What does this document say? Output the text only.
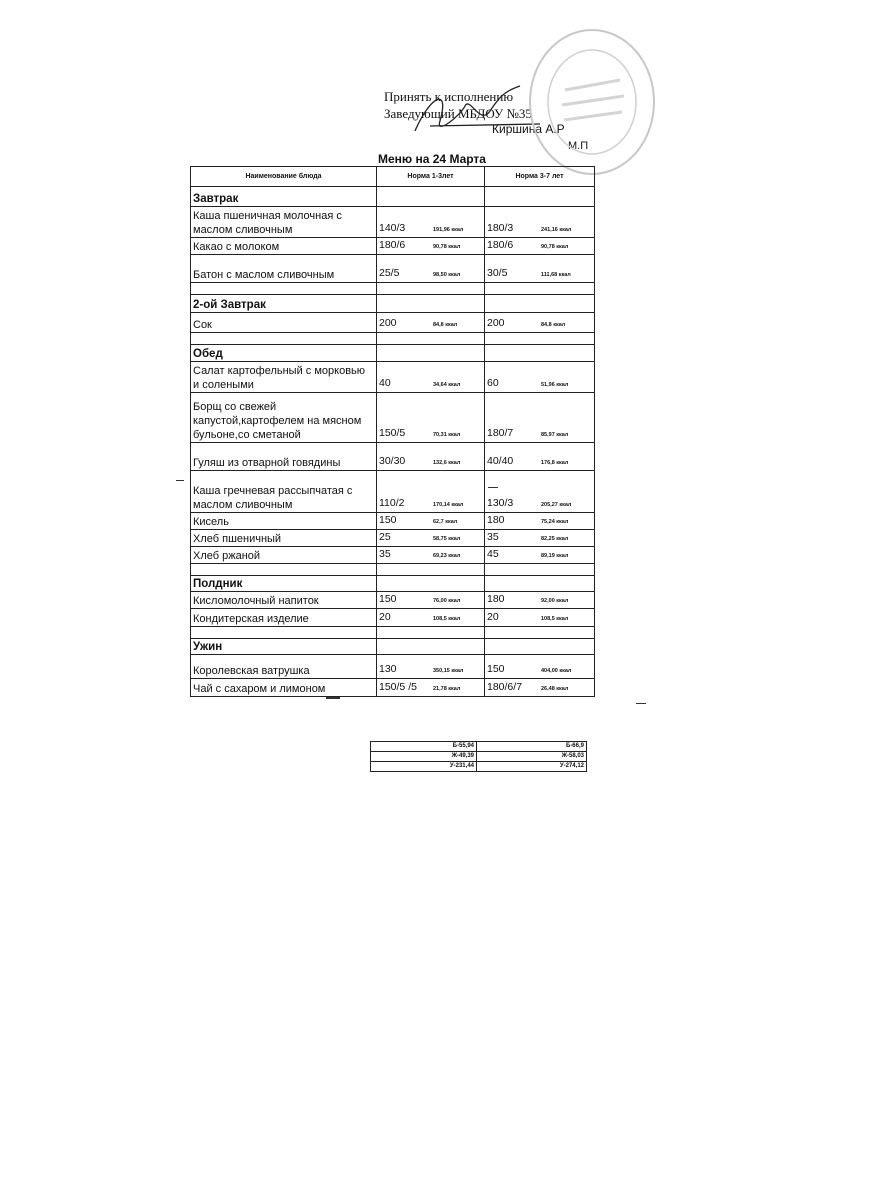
Принять к исполнению
Заведующий МБДОУ №35
Киршина А.Р
М.П
Меню на 24 Марта
Наименование блюда	Норма 1-3лет	Норма 3-7 лет
Завтрак		
Каша пшеничная молочная с маслом сливочным	140/3 191,96 ккал	180/3 241,16 ккал
Какао с молоком	180/6 90,78 ккал	180/6 90,78 ккал
Батон с маслом сливочным	25/5 98,50 ккал	30/5 111,68 ккал

2-ой Завтрак		
Сок	200 84,8 ккал	200 84,8 ккал

Обед		
Салат картофельный с морковью и солеными	40 34,64 ккал	60 51,96 ккал
Борщ со свежей капустой,картофелем на мясном бульоне,со сметаной	150/5 70,31 ккал	180/7 85,97 ккал
Гуляш из отварной говядины	30/30 132,6 ккал	40/40 176,8 ккал
Каша гречневая рассыпчатая с маслом сливочным	110/2 170,14 ккал	130/3 205,27 ккал
Кисель	150 62,7 ккал	180 75,24 ккал
Хлеб пшеничный	25 58,75 ккал	35 82,25 ккал
Хлеб ржаной	35 69,23 ккал	45 89,19 ккал

Полдник		
Кисломолочный напиток	150 76,00 ккал	180 92,00 ккал
Кондитерская изделие	20 108,5 ккал	20 108,5 ккал

Ужин		
Королевская ватрушка	130 350,15 ккал	150 404,00 ккал
Чай с сахаром и лимоном	150/5 /5 21,78 ккал	180/6/7 26,48 ккал
Б-55,94	Б-66,9
Ж-49,39	Ж-58,03
У-231,44	У-274,12
